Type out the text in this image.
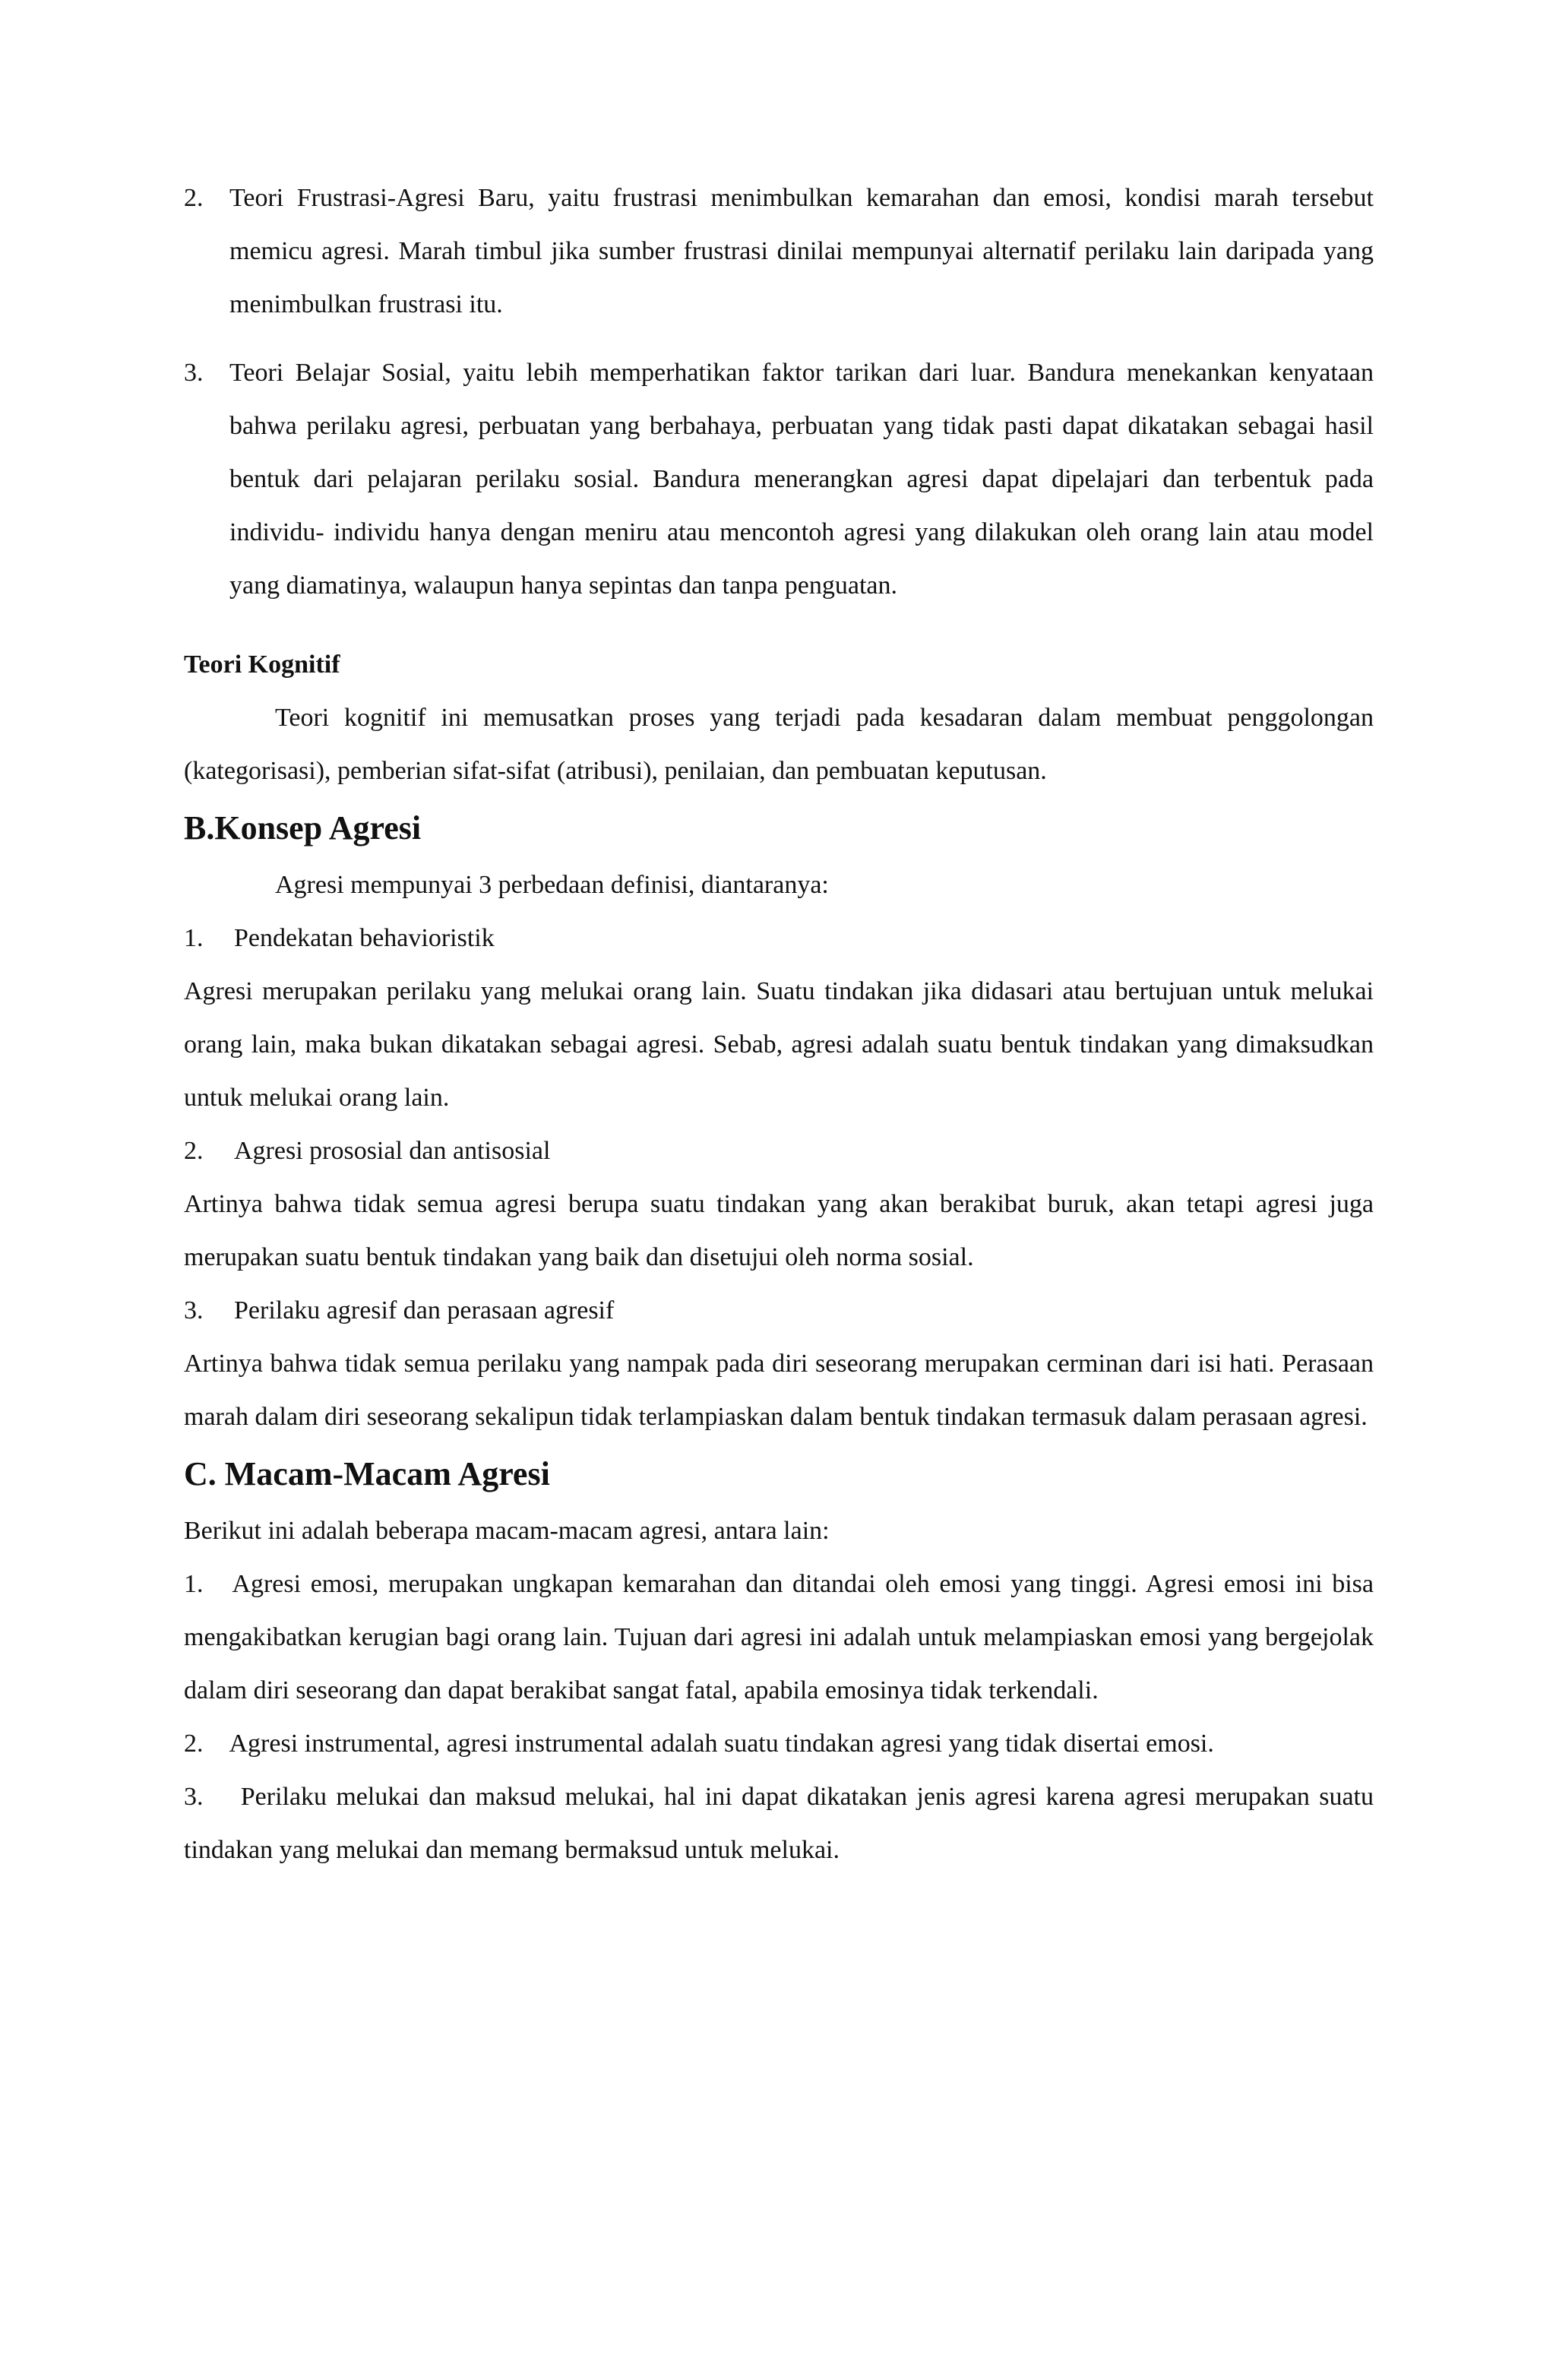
2.	Teori Frustrasi-Agresi Baru, yaitu frustrasi menimbulkan kemarahan dan emosi, kondisi marah tersebut memicu agresi. Marah timbul jika sumber frustrasi dinilai mempunyai alternatif perilaku lain daripada yang menimbulkan frustrasi itu.
3.	Teori Belajar Sosial, yaitu lebih memperhatikan faktor tarikan dari luar. Bandura menekankan kenyataan bahwa perilaku agresi, perbuatan yang berbahaya, perbuatan yang tidak pasti dapat dikatakan sebagai hasil bentuk dari pelajaran perilaku sosial. Bandura menerangkan agresi dapat dipelajari dan terbentuk pada individu- individu hanya dengan meniru atau mencontoh agresi yang dilakukan oleh orang lain atau model yang diamatinya, walaupun hanya sepintas dan tanpa penguatan.
Teori Kognitif

Teori kognitif ini memusatkan proses yang terjadi pada kesadaran dalam membuat penggolongan (kategorisasi), pemberian sifat-sifat (atribusi), penilaian, dan pembuatan keputusan.

B.Konsep Agresi

Agresi mempunyai 3 perbedaan definisi, diantaranya:

1. Pendekatan behavioristik

Agresi merupakan perilaku yang melukai orang lain. Suatu tindakan jika didasari atau bertujuan untuk melukai orang lain, maka bukan dikatakan sebagai agresi. Sebab, agresi adalah suatu bentuk tindakan yang dimaksudkan untuk melukai orang lain.

2. Agresi prososial dan antisosial

Artinya bahwa tidak semua agresi berupa suatu tindakan yang akan berakibat buruk, akan tetapi agresi juga merupakan suatu bentuk tindakan yang baik dan disetujui oleh norma sosial.

3. Perilaku agresif dan perasaan agresif

Artinya bahwa tidak semua perilaku yang nampak pada diri seseorang merupakan cerminan dari isi hati. Perasaan marah dalam diri seseorang sekalipun tidak terlampiaskan dalam bentuk tindakan termasuk dalam perasaan agresi.

C. Macam-Macam Agresi

Berikut ini adalah beberapa macam-macam agresi, antara lain:

1. Agresi emosi, merupakan ungkapan kemarahan dan ditandai oleh emosi yang tinggi. Agresi emosi ini bisa mengakibatkan kerugian bagi orang lain. Tujuan dari agresi ini adalah untuk melampiaskan emosi yang bergejolak dalam diri seseorang dan dapat berakibat sangat fatal, apabila emosinya tidak terkendali.

2. Agresi instrumental, agresi instrumental adalah suatu tindakan agresi yang tidak disertai emosi.

3. Perilaku melukai dan maksud melukai, hal ini dapat dikatakan jenis agresi karena agresi merupakan suatu tindakan yang melukai dan memang bermaksud untuk melukai.
